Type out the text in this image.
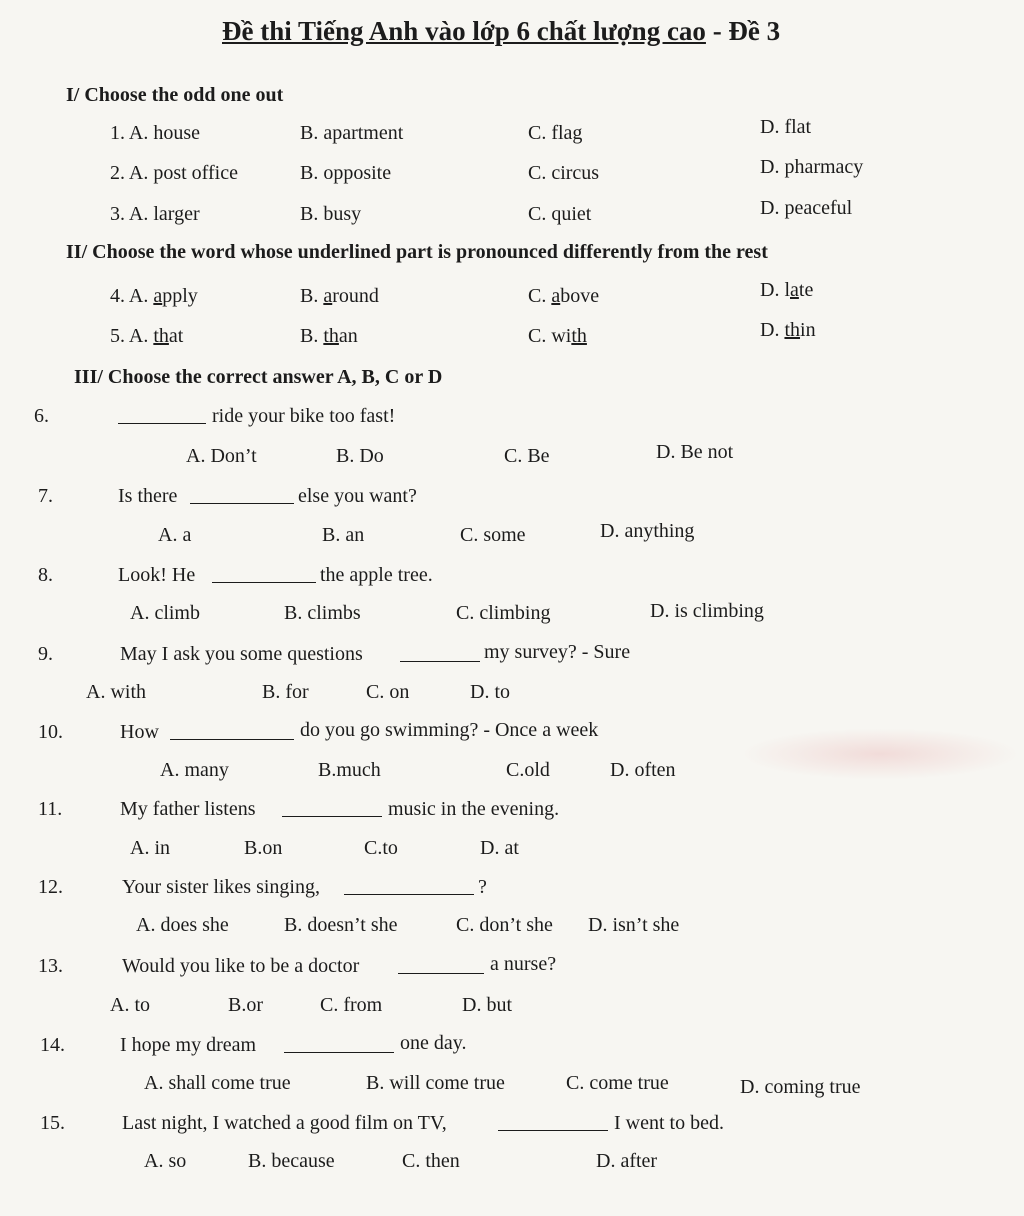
Đề thi Tiếng Anh vào lớp 6 chất lượng cao - Đề 3
I/ Choose the odd one out
1. A. house	B. apartment	C. flag	D. flat
2. A. post office	B. opposite	C. circus	D. pharmacy
3. A. larger	B. busy	C. quiet	D. peaceful
II/ Choose the word whose underlined part is pronounced differently from the rest
4. A. apply	B. around	C. above	D. late
5. A. that	B. than	C. with	D. thin
III/ Choose the correct answer A, B, C or D
6.	ride your bike too fast!
A. Don’t	B. Do	C. Be	D. Be not
7.	Is there	else you want?
A. a	B. an	C. some	D. anything
8.	Look! He	the apple tree.
A. climb	B. climbs	C. climbing	D. is climbing
9.	May I ask you some questions	my survey? - Sure
A. with	B. for	C. on	D. to
10.	How	do you go swimming? - Once a week
A. many	B.much	C.old	D. often
11.	My father listens	music in the evening.
A. in	B.on	C.to	D. at
12.	Your sister likes singing,	?
A. does she	B. doesn’t she	C. don’t she D. isn’t she
13.	Would you like to be a doctor	a nurse?
A. to	B.or	C. from	D. but
14.	I hope my dream	one day.
A. shall come true	B. will come true	C. come true	D. coming true
15.	Last night, I watched a good film on TV,	I went to bed.
A. so	B. because	C. then	D. after
